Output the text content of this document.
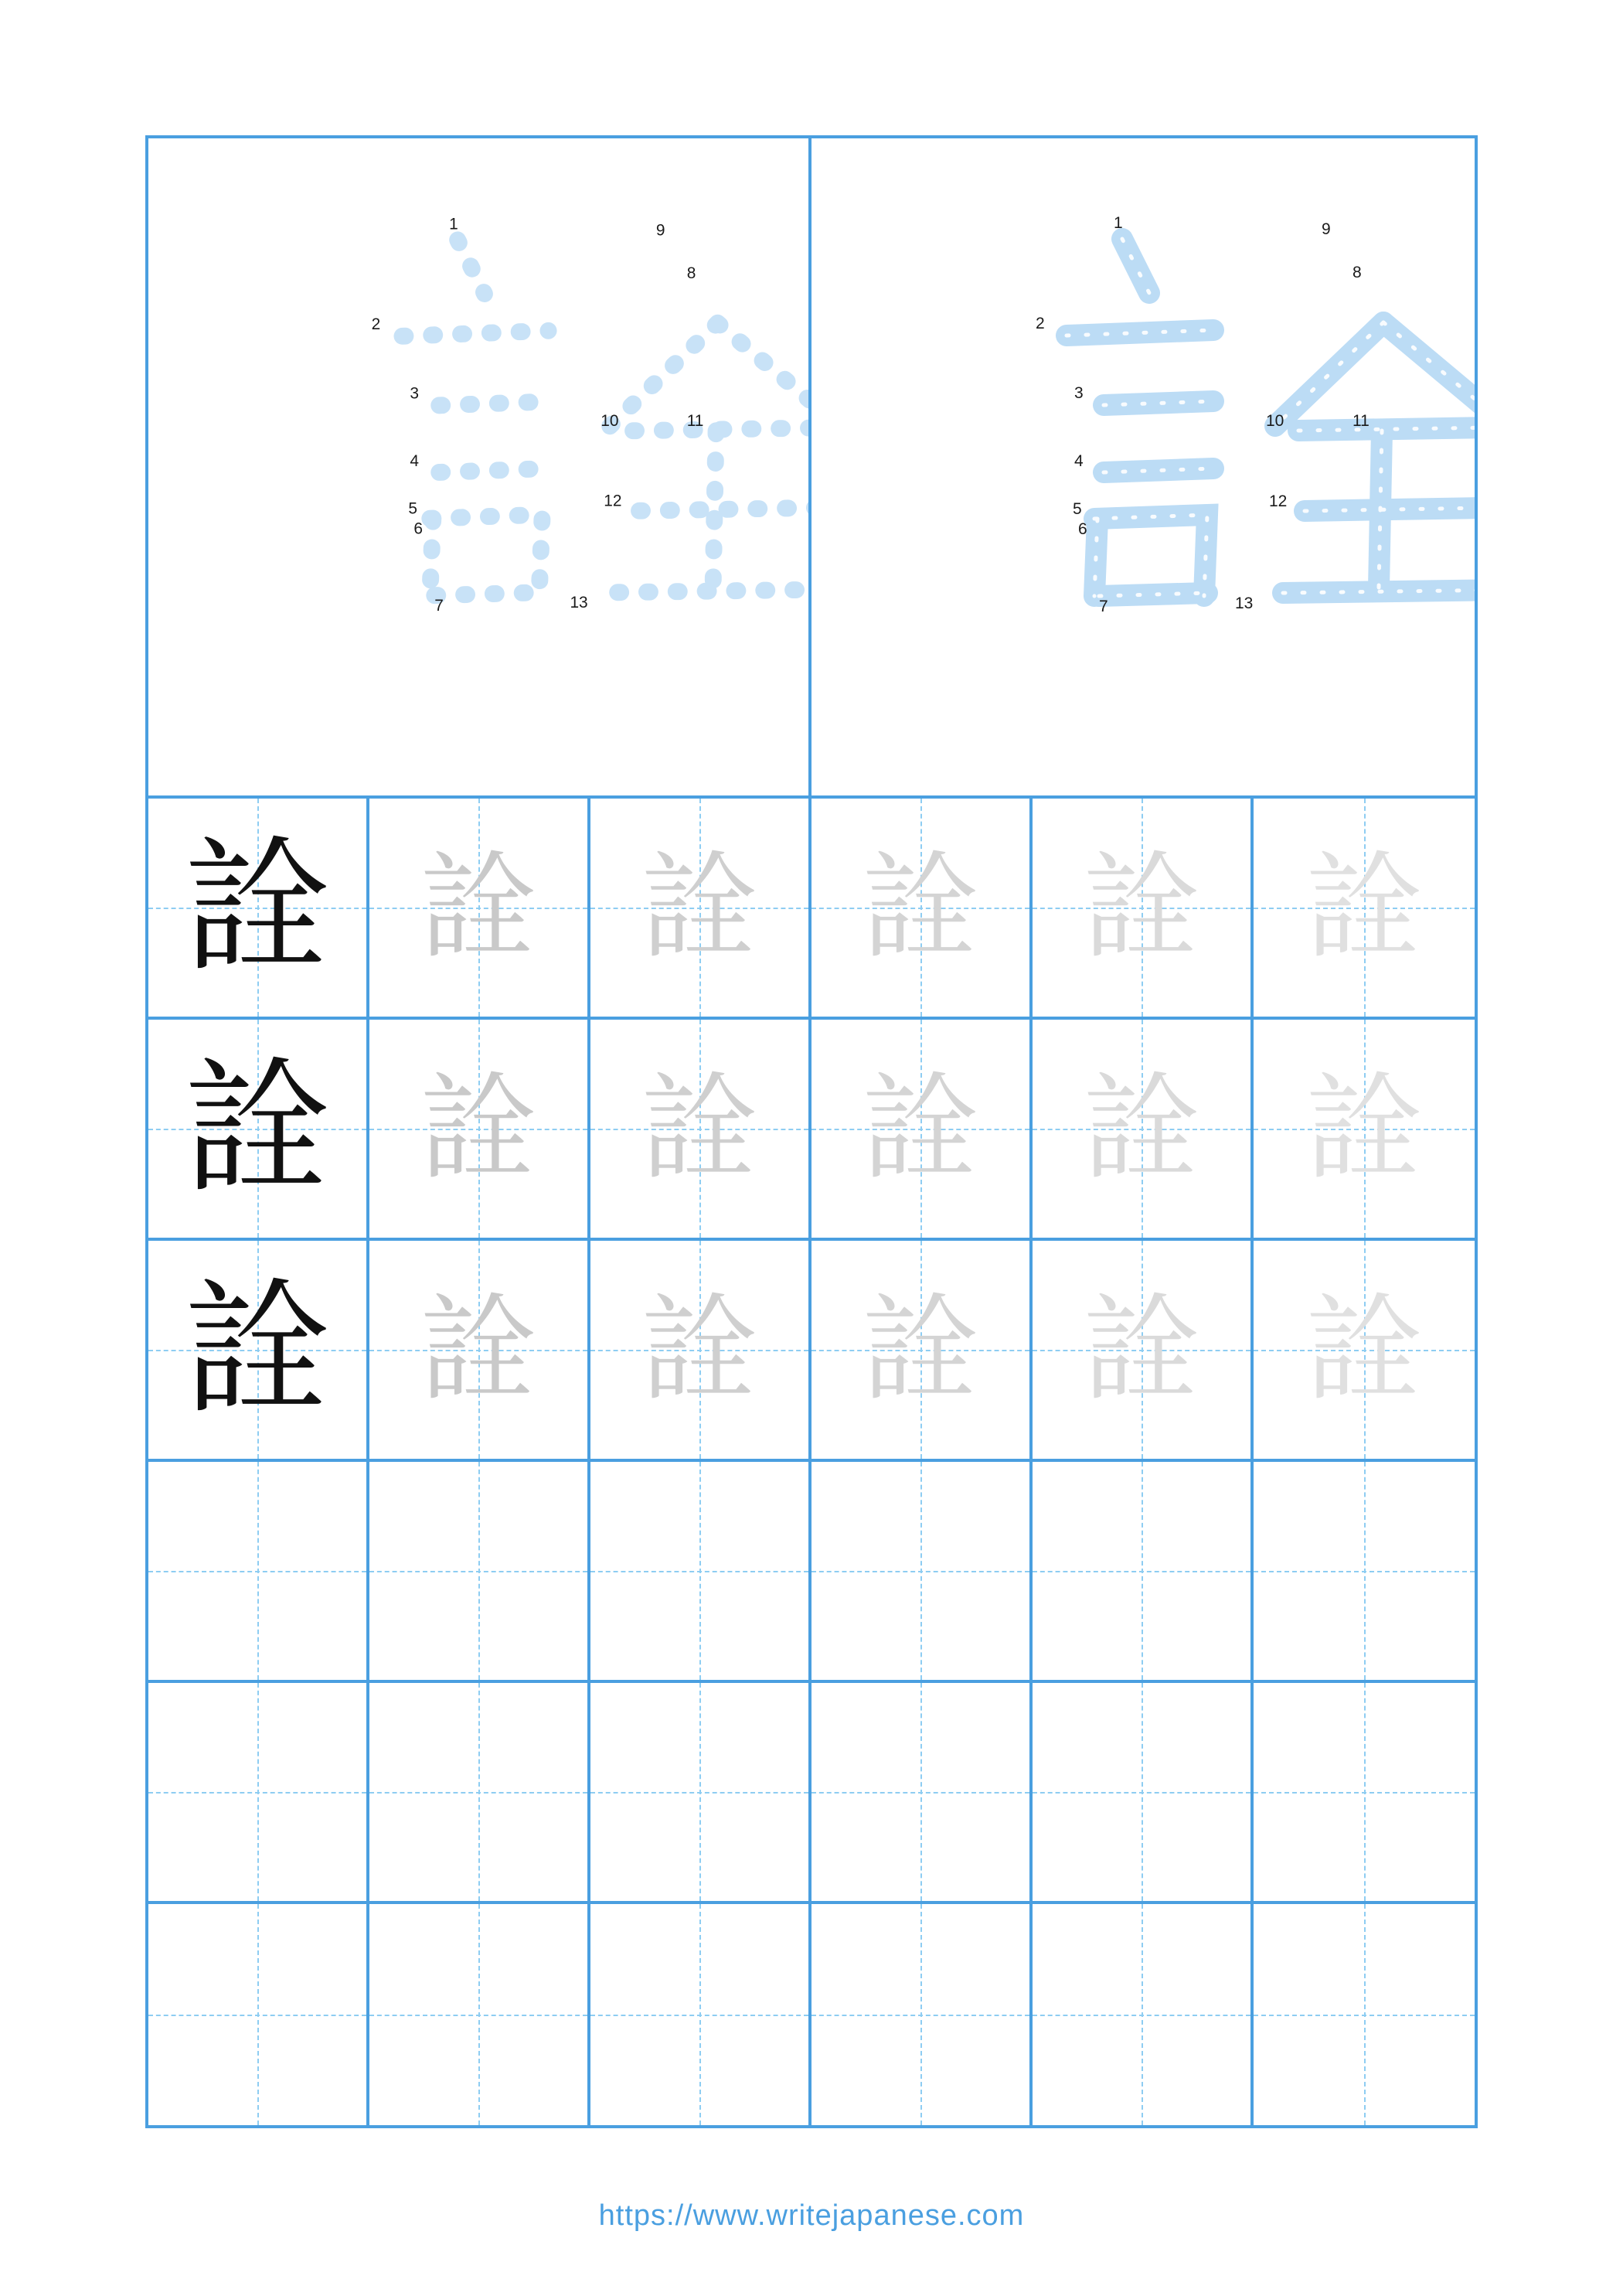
1
2
3
4
5
6
7
8
9
10	11
12
13
1
2
3
4
5
6
7
8
9
10	11
12
13
詮 詮 詮 詮 詮 詮
詮 詮 詮 詮 詮 詮
詮 詮 詮 詮 詮 詮
https://www.writejapanese.com
